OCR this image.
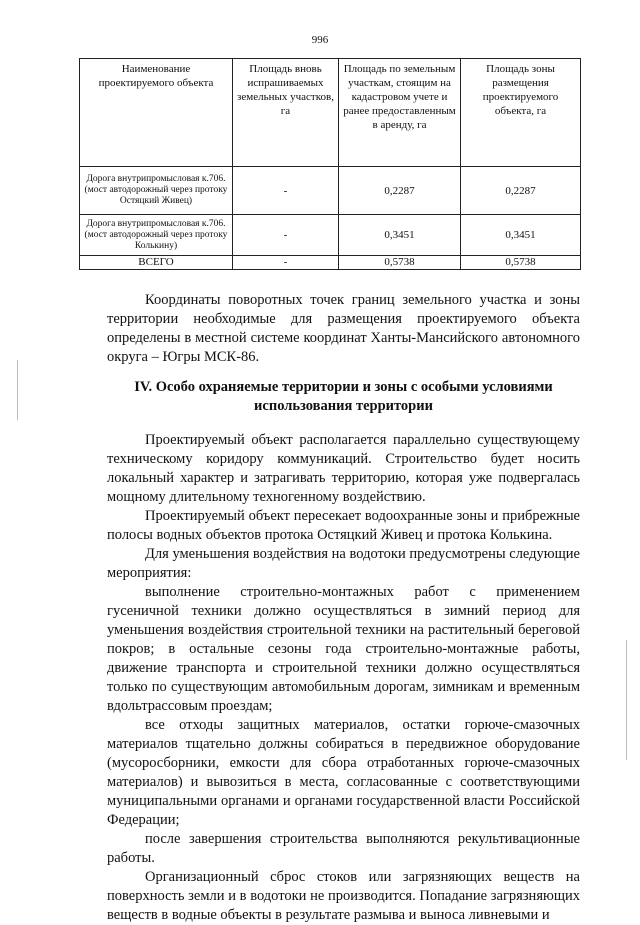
996
Наименование проектируемого объекта	Площадь вновь испрашиваемых земельных участков, га	Площадь по земельным участкам, стоящим на кадастровом учете и ранее предоставленным в аренду, га	Площадь зоны размещения проектируемого объекта, га
Дорога внутрипромысловая к.706. (мост автодорожный через протоку Остяцкий Живец)	-	0,2287	0,2287
Дорога внутрипромысловая к.706. (мост автодорожный через протоку Колькину)	-	0,3451	0,3451
ВСЕГО	-	0,5738	0,5738

Координаты поворотных точек границ земельного участка и зоны территории необходимые для размещения проектируемого объекта определены в местной системе координат Ханты-Мансийского автономного округа – Югры МСК-86.

IV. Особо охраняемые территории и зоны с особыми условиями использования территории

Проектируемый объект располагается параллельно существующему техническому коридору коммуникаций. Строительство будет носить локальный характер и затрагивать территорию, которая уже подвергалась мощному длительному техногенному воздействию.

Проектируемый объект пересекает водоохранные зоны и прибрежные полосы водных объектов протока Остяцкий Живец и протока Колькина.

Для уменьшения воздействия на водотоки предусмотрены следующие мероприятия:

выполнение строительно-монтажных работ с применением гусеничной техники должно осуществляться в зимний период для уменьшения воздействия строительной техники на растительный береговой покров; в остальные сезоны года строительно-монтажные работы, движение транспорта и строительной техники должно осуществляться только по существующим автомобильным дорогам, зимникам и временным вдольтрассовым проездам;

все отходы защитных материалов, остатки горюче-смазочных материалов тщательно должны собираться в передвижное оборудование (мусоросборники, емкости для сбора отработанных горюче-смазочных материалов) и вывозиться в места, согласованные с соответствующими муниципальными органами и органами государственной власти Российской Федерации;

после завершения строительства выполняются рекультивационные работы.

Организационный сброс стоков или загрязняющих веществ на поверхность земли и в водотоки не производится. Попадание загрязняющих веществ в водные объекты в результате размыва и выноса ливневыми и
